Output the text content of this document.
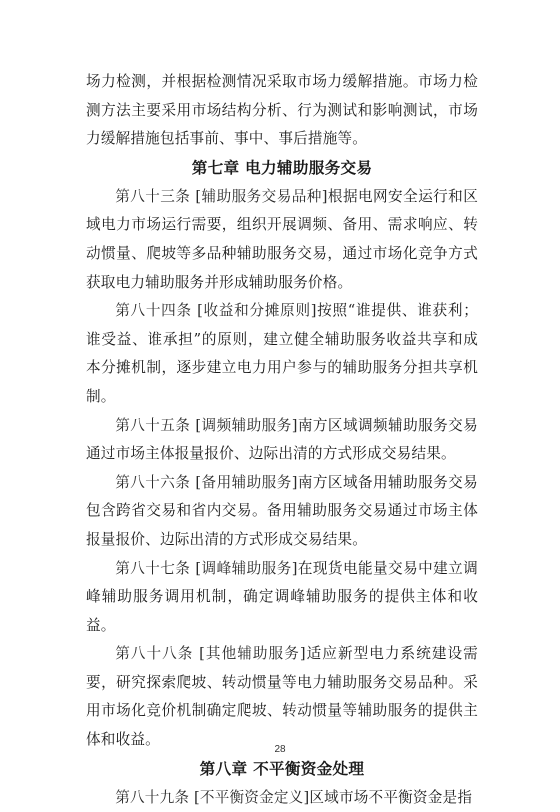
场力检测，并根据检测情况采取市场力缓解措施。市场力检测方法主要采用市场结构分析、行为测试和影响测试，市场力缓解措施包括事前、事中、事后措施等。

第七章 电力辅助服务交易

第八十三条 [辅助服务交易品种]根据电网安全运行和区域电力市场运行需要，组织开展调频、备用、需求响应、转动惯量、爬坡等多品种辅助服务交易，通过市场化竞争方式获取电力辅助服务并形成辅助服务价格。

第八十四条 [收益和分摊原则]按照“谁提供、谁获利；谁受益、谁承担”的原则，建立健全辅助服务收益共享和成本分摊机制，逐步建立电力用户参与的辅助服务分担共享机制。

第八十五条 [调频辅助服务]南方区域调频辅助服务交易通过市场主体报量报价、边际出清的方式形成交易结果。

第八十六条 [备用辅助服务]南方区域备用辅助服务交易包含跨省交易和省内交易。备用辅助服务交易通过市场主体报量报价、边际出清的方式形成交易结果。

第八十七条 [调峰辅助服务]在现货电能量交易中建立调峰辅助服务调用机制，确定调峰辅助服务的提供主体和收益。

第八十八条 [其他辅助服务]适应新型电力系统建设需要，研究探索爬坡、转动惯量等电力辅助服务交易品种。采用市场化竞价机制确定爬坡、转动惯量等辅助服务的提供主体和收益。

第八章 不平衡资金处理

第八十九条 [不平衡资金定义]区域市场不平衡资金是指

28
